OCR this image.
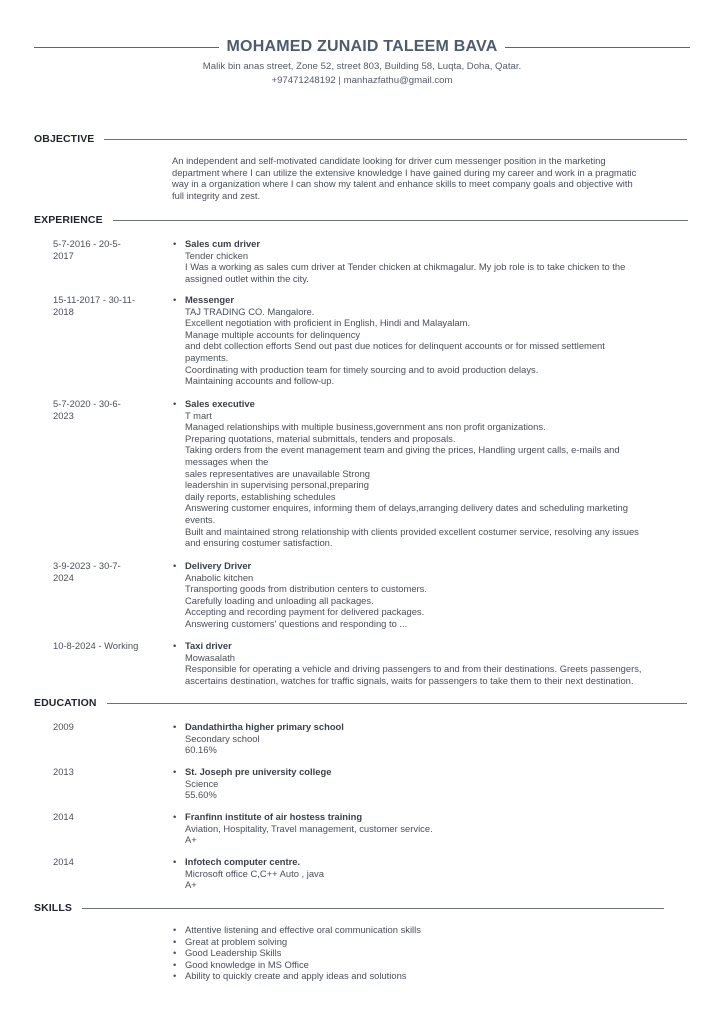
MOHAMED ZUNAID TALEEM BAVA
Malik bin anas street, Zone 52, street 803, Building 58, Luqta, Doha, Qatar.
+97471248192 | manhazfathu@gmail.com
OBJECTIVE
An independent and self-motivated candidate looking for driver cum messenger position in the marketing
department where I can utilize the extensive knowledge I have gained during my career and work in a pragmatic
way in a organization where I can show my talent and enhance skills to meet company goals and objective with
full integrity and zest.
EXPERIENCE
5-7-2016 - 20-5-
2017
• Sales cum driver
Tender chicken
I Was a working as sales cum driver at Tender chicken at chikmagalur. My job role is to take chicken to the
assigned outlet within the city.
15-11-2017 - 30-11-
2018
• Messenger
TAJ TRADING CO. Mangalore.
Excellent negotiation with proficient in English, Hindi and Malayalam.
Manage multiple accounts for delinquency
and debt collection efforts Send out past due notices for delinquent accounts or for missed settlement
payments.
Coordinating with production team for timely sourcing and to avoid production delays.
Maintaining accounts and follow-up.
5-7-2020 - 30-6-
2023
• Sales executive
T mart
Managed relationships with multiple business,government ans non profit organizations.
Preparing quotations, material submittals, tenders and proposals.
Taking orders from the event management team and giving the prices, Handling urgent calls, e-mails and
messages when the
sales representatives are unavailable Strong
leadershin in supervising personal,preparing
daily reports, establishing schedules
Answering customer enquires, informing them of delays,arranging delivery dates and scheduling marketing
events.
Built and maintained strong relationship with clients provided excellent costumer service, resolving any issues
and ensuring costumer satisfaction.
3-9-2023 - 30-7-
2024
• Delivery Driver
Anabolic kitchen
Transporting goods from distribution centers to customers.
Carefully loading and unloading all packages.
Accepting and recording payment for delivered packages.
Answering customers' questions and responding to ...
10-8-2024 - Working	• Taxi driver
Mowasalath
Responsible for operating a vehicle and driving passengers to and from their destinations. Greets passengers,
ascertains destination, watches for traffic signals, waits for passengers to take them to their next destination.
EDUCATION
2009	• Dandathirtha higher primary school
Secondary school
60.16%
2013	• St. Joseph pre university college
Science
55.60%
2014	• Franfinn institute of air hostess training
Aviation, Hospitality, Travel management, customer service.
A+
2014	• Infotech computer centre.
Microsoft office C,C++ Auto , java
A+
SKILLS
• Attentive listening and effective oral communication skills
• Great at problem solving
• Good Leadership Skills
• Good knowledge in MS Office
• Ability to quickly create and apply ideas and solutions
